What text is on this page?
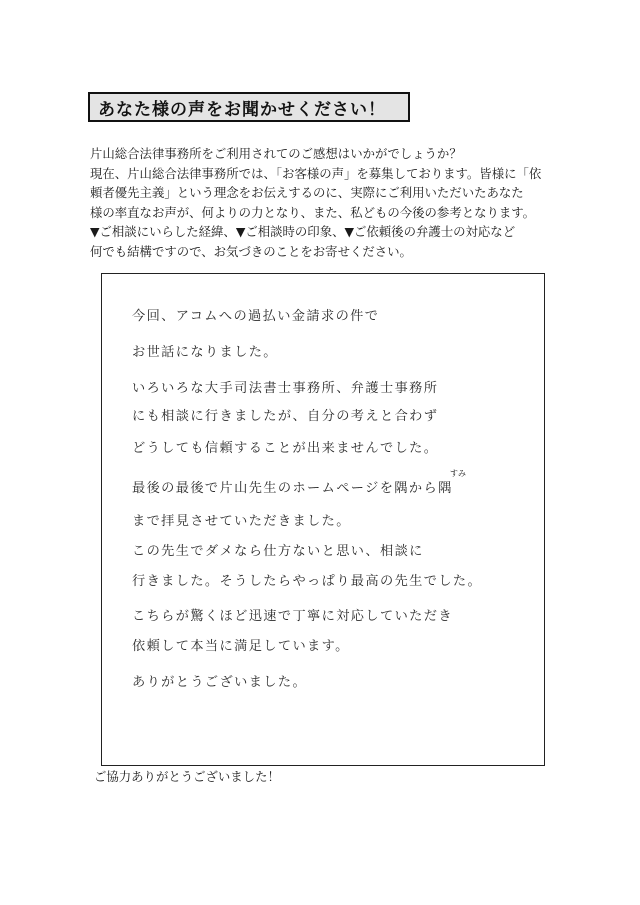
あなた様の声をお聞かせください！
片山総合法律事務所をご利用されてのご感想はいかがでしょうか？
現在、片山総合法律事務所では、「お客様の声」を募集しております。皆様に「依
頼者優先主義」という理念をお伝えするのに、実際にご利用いただいたあなた
様の率直なお声が、何よりの力となり、また、私どもの今後の参考となります。
▼ご相談にいらした経緯、▼ご相談時の印象、▼ご依頼後の弁護士の対応など
何でも結構ですので、お気づきのことをお寄せください。
今回、アコムへの過払い金請求の件で
お世話になりました。
いろいろな大手司法書士事務所、弁護士事務所
にも相談に行きましたが、自分の考えと合わず
どうしても信頼することが出来ませんでした。
最後の最後で片山先生のホームページを隅から隅
まで拝見させていただきました。
この先生でダメなら仕方ないと思い、相談に
行きました。そうしたらやっぱり最高の先生でした。
こちらが驚くほど迅速で丁寧に対応していただき
依頼して本当に満足しています。
ありがとうございました。
すみ
ご協力ありがとうございました！
